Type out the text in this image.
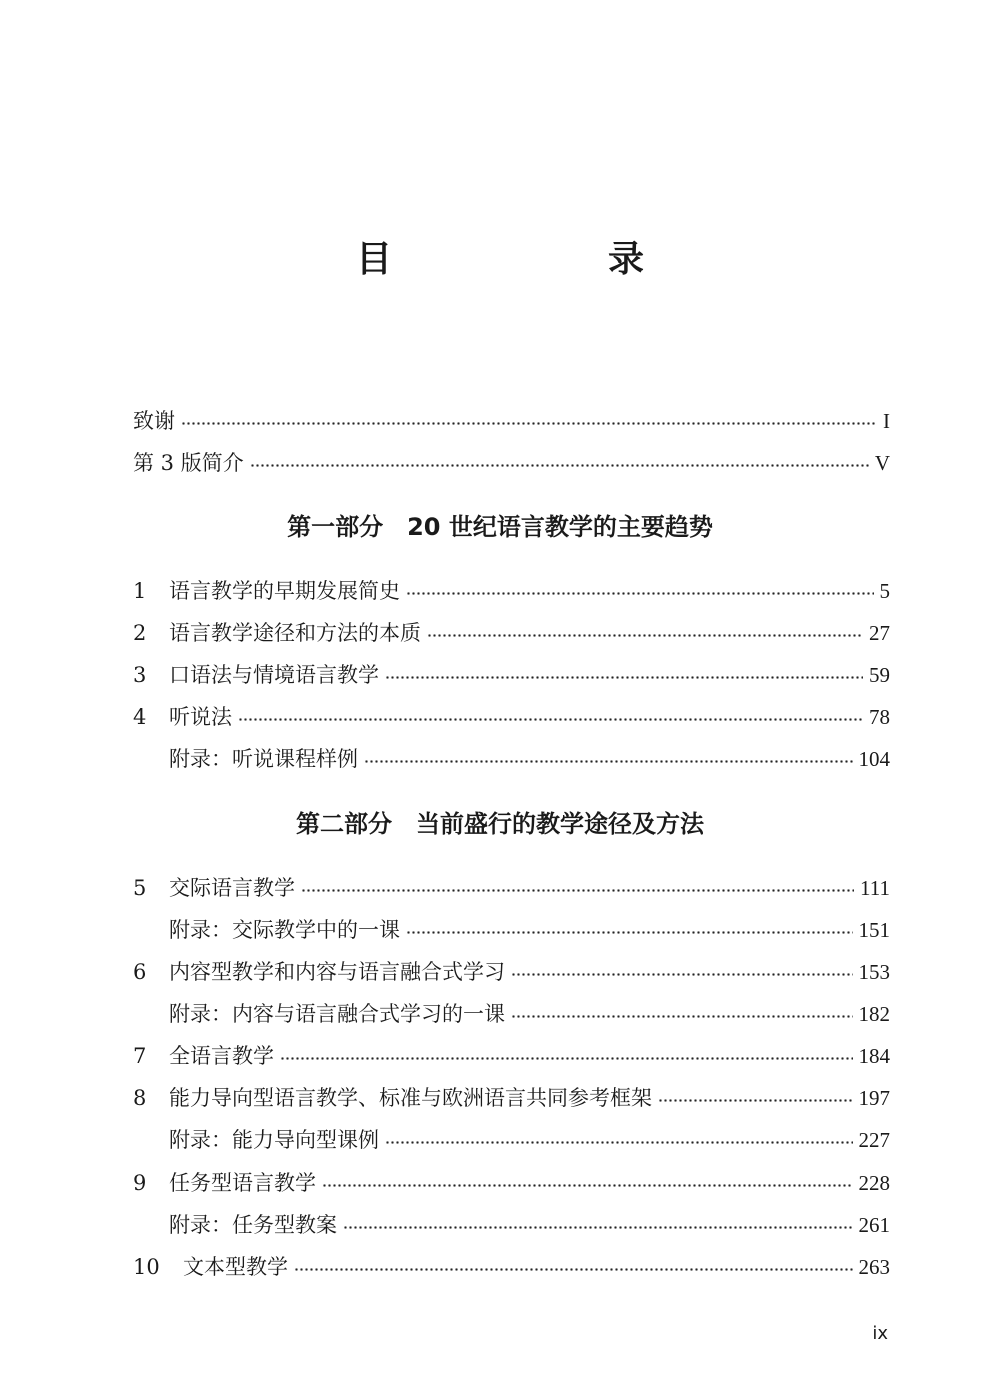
目　录
致谢	I
第 3 版简介	V
1	语言教学的早期发展简史	5
2	语言教学途径和方法的本质	27
3	口语法与情境语言教学	59
4	听说法	78
附录：听说课程样例	104
5	交际语言教学	111
附录：交际教学中的一课	151
6	内容型教学和内容与语言融合式学习	153
附录：内容与语言融合式学习的一课	182
7	全语言教学	184
8	能力导向型语言教学、标准与欧洲语言共同参考框架	197
附录：能力导向型课例	227
9	任务型语言教学	228
附录：任务型教案	261
10	文本型教学	263
第一部分　20 世纪语言教学的主要趋势
第二部分　当前盛行的教学途径及方法
ix
